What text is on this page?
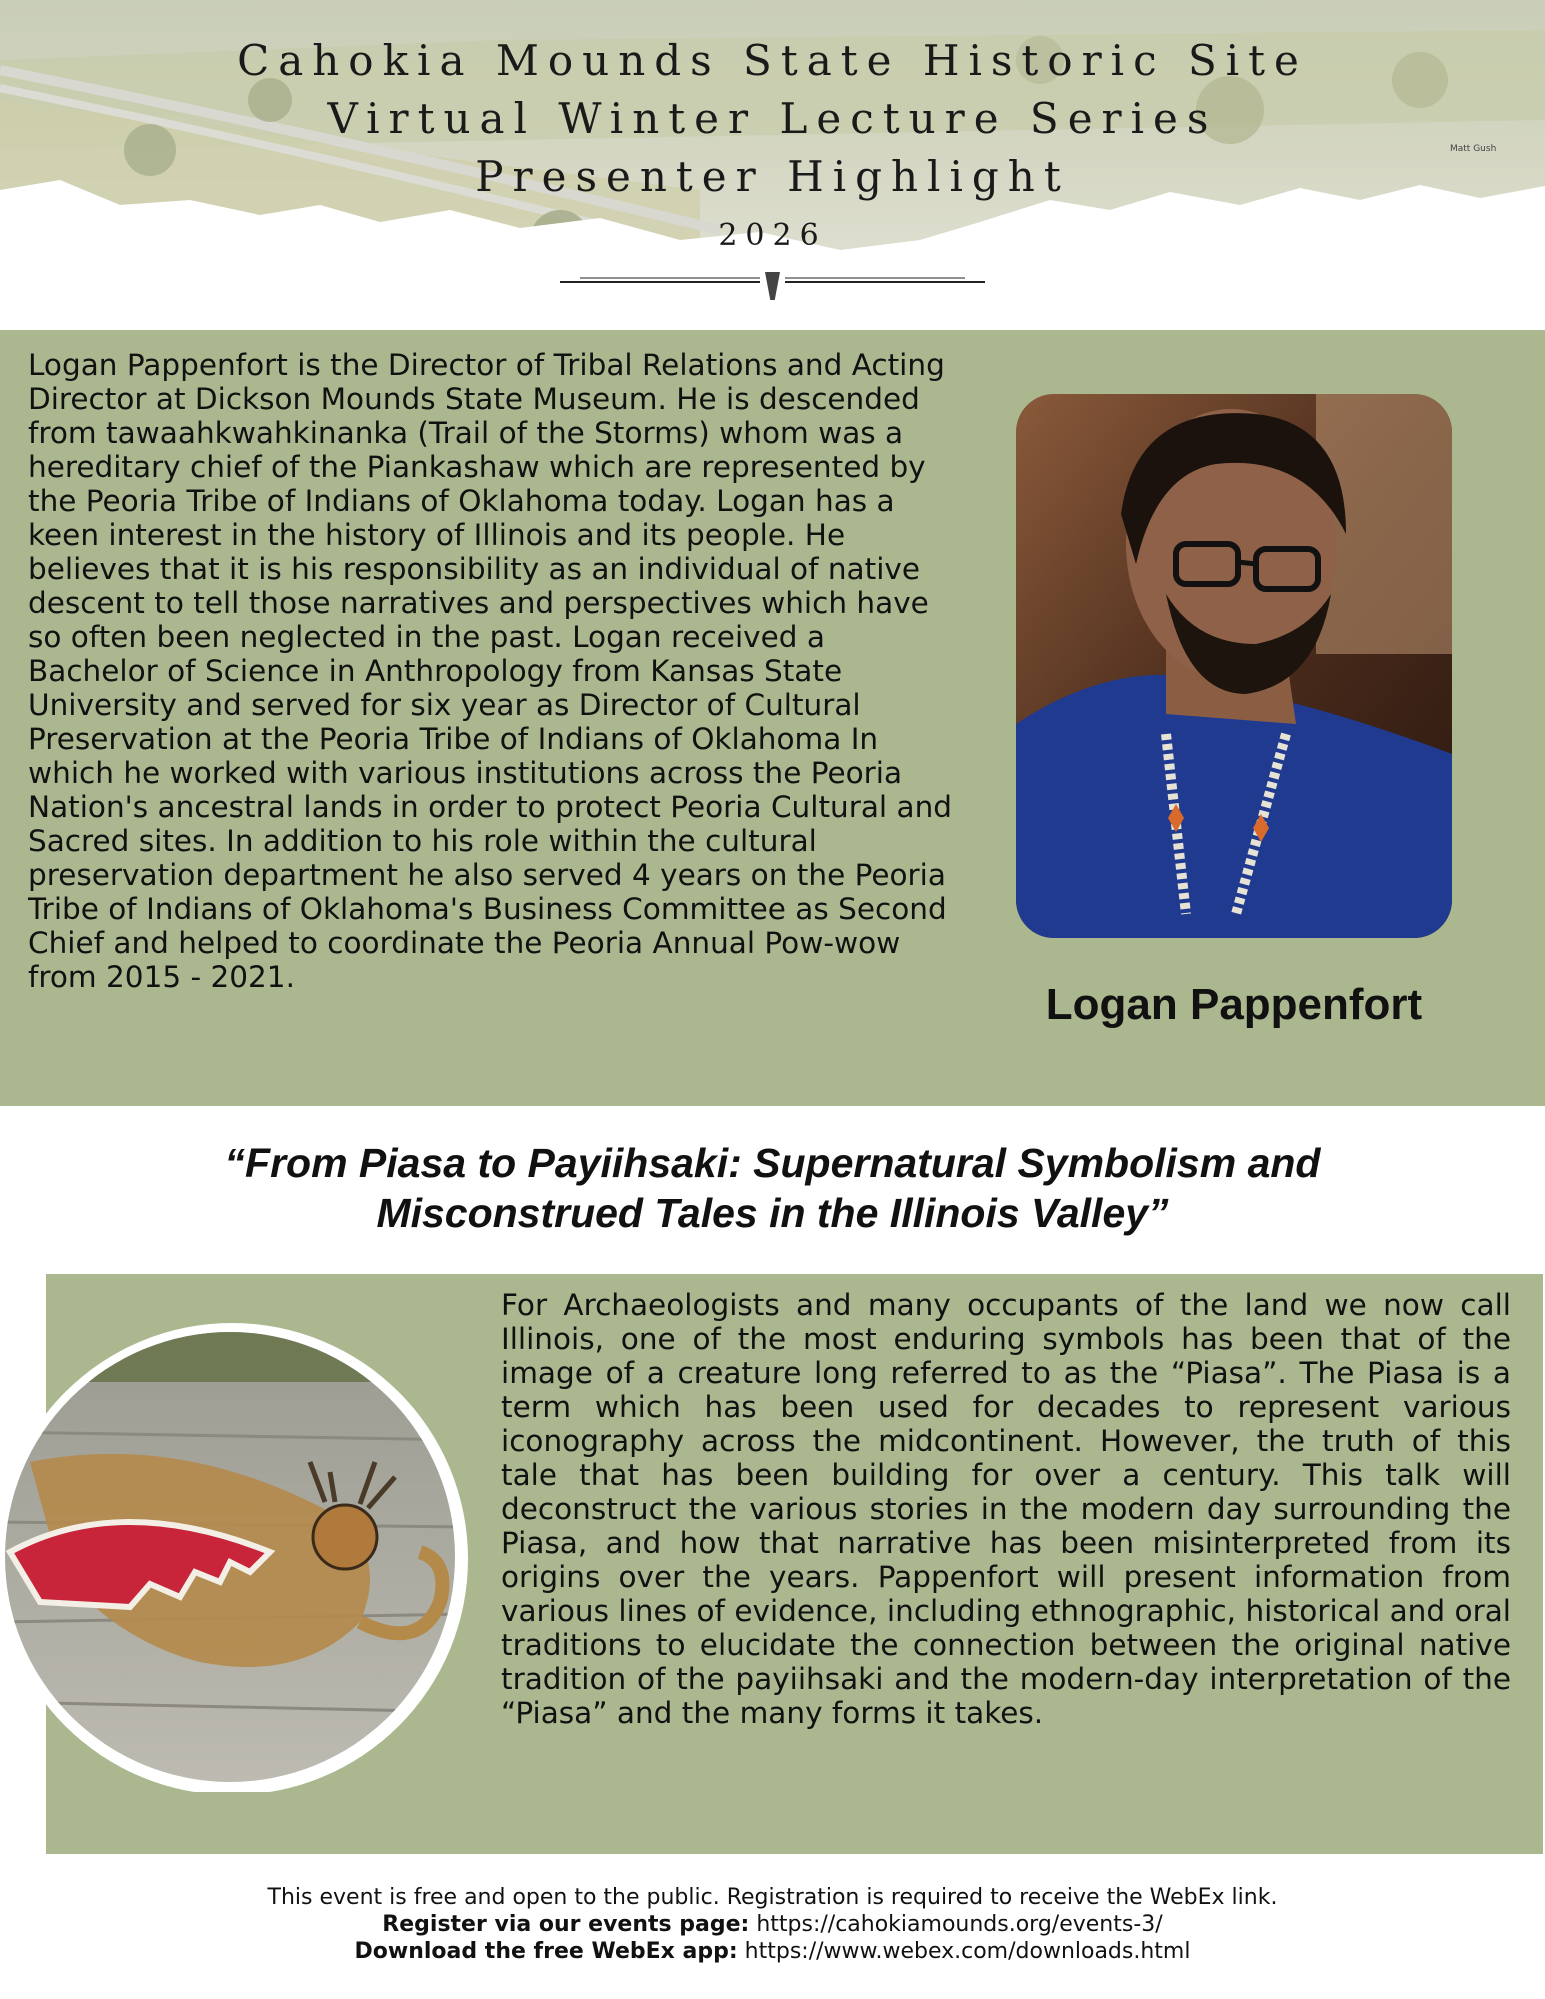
Cahokia Mounds State Historic Site
Virtual Winter Lecture Series
Presenter Highlight
2026
Matt Gush
Logan Pappenfort is the Director of Tribal Relations and Acting Director at Dickson Mounds State Museum. He is descended from tawaahkwahkinanka (Trail of the Storms) whom was a hereditary chief of the Piankashaw which are represented by the Peoria Tribe of Indians of Oklahoma today. Logan has a keen interest in the history of Illinois and its people. He believes that it is his responsibility as an individual of native descent to tell those narratives and perspectives which have so often been neglected in the past. Logan received a Bachelor of Science in Anthropology from Kansas State University and served for six year as Director of Cultural Preservation at the Peoria Tribe of Indians of Oklahoma In which he worked with various institutions across the Peoria Nation's ancestral lands in order to protect Peoria Cultural and Sacred sites. In addition to his role within the cultural preservation department he also served 4 years on the Peoria Tribe of Indians of Oklahoma's Business Committee as Second Chief and helped to coordinate the Peoria Annual Pow-wow from 2015 - 2021.
Logan Pappenfort
“From Piasa to Payiihsaki: Supernatural Symbolism and
Misconstrued Tales in the Illinois Valley”
For Archaeologists and many occupants of the land we now call Illinois, one of the most enduring symbols has been that of the image of a creature long referred to as the “Piasa”. The Piasa is a term which has been used for decades to represent various iconography across the midcontinent. However, the truth of this tale that has been building for over a century. This talk will deconstruct the various stories in the modern day surrounding the Piasa, and how that narrative has been misinterpreted from its origins over the years. Pappenfort will present information from various lines of evidence, including ethnographic, historical and oral traditions to elucidate the connection between the original native tradition of the payiihsaki and the modern-day interpretation of the “Piasa” and the many forms it takes.
This event is free and open to the public. Registration is required to receive the WebEx link.
Register via our events page: https://cahokiamounds.org/events-3/
Download the free WebEx app: https://www.webex.com/downloads.html
